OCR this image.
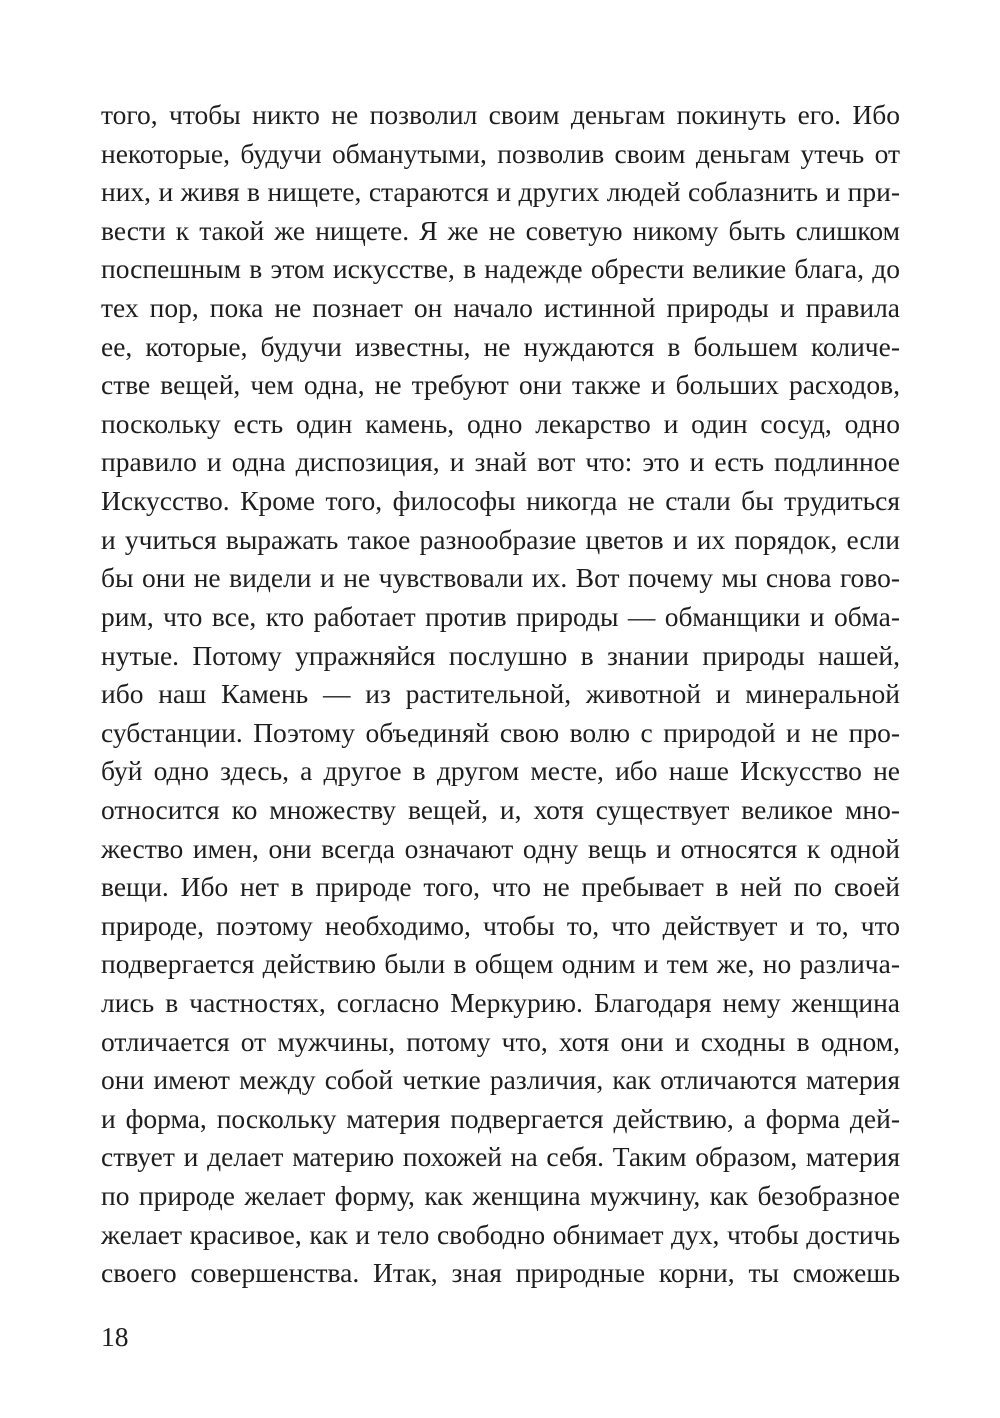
того, чтобы никто не позволил своим деньгам покинуть его. Ибо
некоторые, будучи обманутыми, позволив своим деньгам утечь от
них, и живя в нищете, стараются и других людей соблазнить и при-
вести к такой же нищете. Я же не советую никому быть слишком
поспешным в этом искусстве, в надежде обрести великие блага, до
тех пор, пока не познает он начало истинной природы и правила
ее, которые, будучи известны, не нуждаются в большем количе-
стве вещей, чем одна, не требуют они также и больших расходов,
поскольку есть один камень, одно лекарство и один сосуд, одно
правило и одна диспозиция, и знай вот что: это и есть подлинное
Искусство. Кроме того, философы никогда не стали бы трудиться
и учиться выражать такое разнообразие цветов и их порядок, если
бы они не видели и не чувствовали их. Вот почему мы снова гово-
рим, что все, кто работает против природы — обманщики и обма-
нутые. Потому упражняйся послушно в знании природы нашей,
ибо наш Камень — из растительной, животной и минеральной
субстанции. Поэтому объединяй свою волю с природой и не про-
буй одно здесь, а другое в другом месте, ибо наше Искусство не
относится ко множеству вещей, и, хотя существует великое мно-
жество имен, они всегда означают одну вещь и относятся к одной
вещи. Ибо нет в природе того, что не пребывает в ней по своей
природе, поэтому необходимо, чтобы то, что действует и то, что
подвергается действию были в общем одним и тем же, но различа-
лись в частностях, согласно Меркурию. Благодаря нему женщина
отличается от мужчины, потому что, хотя они и сходны в одном,
они имеют между собой четкие различия, как отличаются материя
и форма, поскольку материя подвергается действию, а форма дей-
ствует и делает материю похожей на себя. Таким образом, материя
по природе желает форму, как женщина мужчину, как безобразное
желает красивое, как и тело свободно обнимает дух, чтобы достичь
своего совершенства. Итак, зная природные корни, ты сможешь
18
